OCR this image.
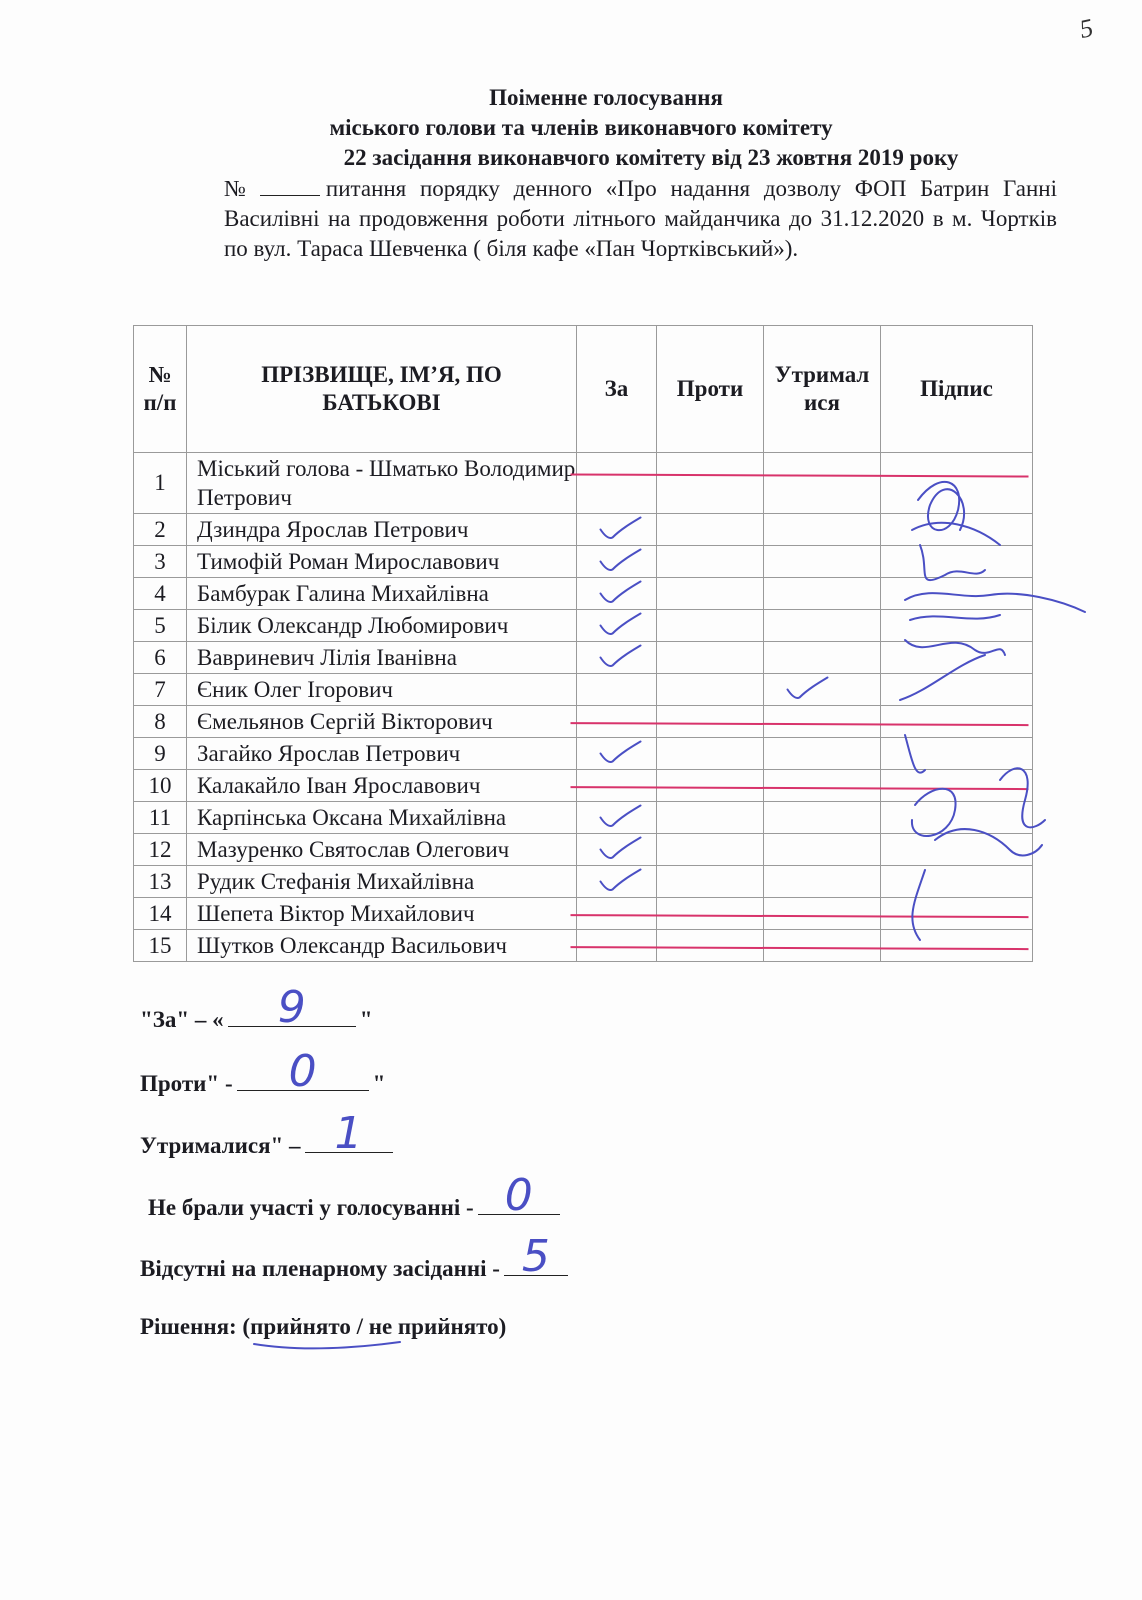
5
Поіменне голосування
міського голови та членів виконавчого комітету
22 засідання виконавчого комітету від 23 жовтня 2019 року
№	питання порядку денного «Про надання дозволу ФОП Батрин Ганні Василівні на продовження роботи літнього майданчика до 31.12.2020 в м. Чортків по вул. Тараса Шевченка ( біля кафе «Пан Чортківський»).
№ п/п	ПРІЗВИЩЕ, ІМ’Я, ПО БАТЬКОВІ	За	Проти	Утрималися	Підпис
1	Міський голова - Шматько Володимир Петрович				
2	Дзиндра Ярослав Петрович				
3	Тимофій Роман Мирославович				
4	Бамбурак Галина Михайлівна				
5	Білик Олександр Любомирович				
6	Вавриневич Лілія Іванівна				
7	Єник Олег Ігорович				
8	Ємельянов Сергій Вікторович				
9	Загайко Ярослав Петрович				
10	Калакайло Іван Ярославович				
11	Карпінська Оксана Михайлівна				
12	Мазуренко Святослав Олегович				
13	Рудик Стефанія Михайлівна				
14	Шепета Віктор Михайлович				
15	Шутков Олександр Васильович				
"За" – « 9 "
Проти" - 0 "
Утрималися" – 1
Не брали участі у голосуванні - 0
Відсутні на пленарному засіданні - 5
Рішення: (прийнято / не прийнято)
